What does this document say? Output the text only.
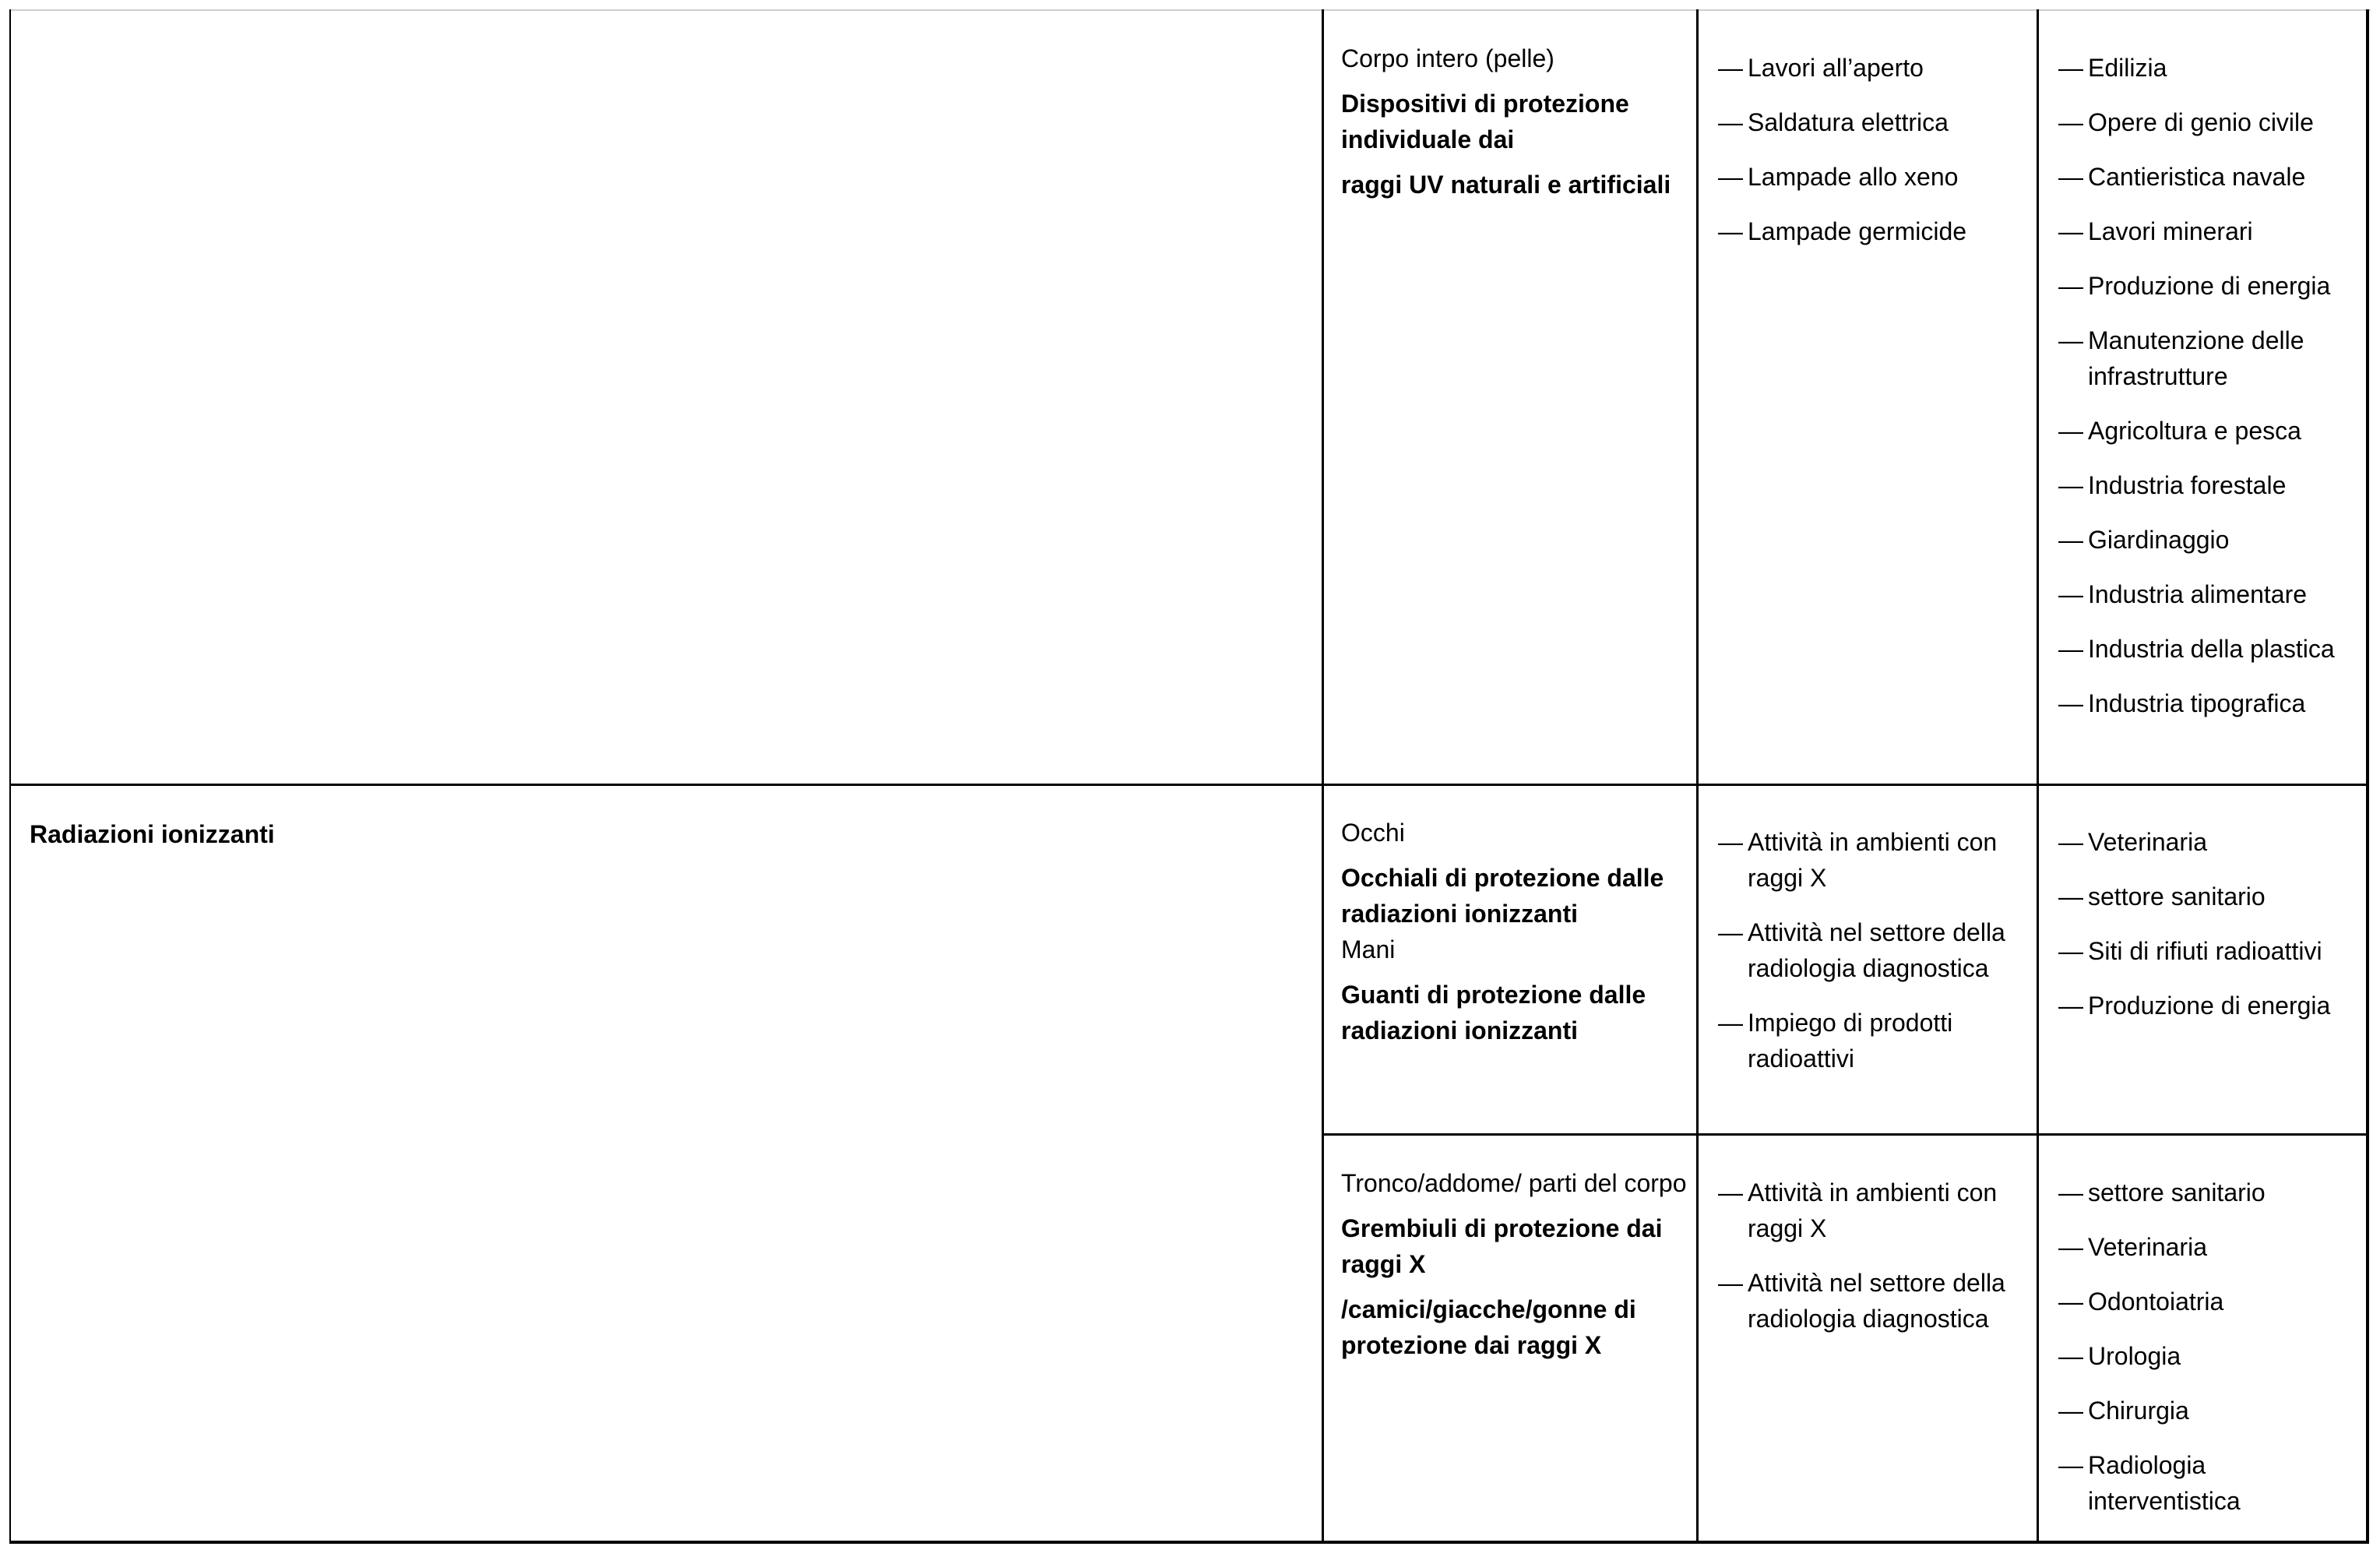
Corpo intero (pelle)

Dispositivi di protezione individuale dai

raggi UV naturali e artificiali

— Lavori all’aperto
— Saldatura elettrica
— Lampade allo xeno
— Lampade germicide
— Edilizia
— Opere di genio civile
— Cantieristica navale
— Lavori minerari
— Produzione di energia
— Manutenzione delle infrastrutture
— Agricoltura e pesca
— Industria forestale
— Giardinaggio
— Industria alimentare
— Industria della plastica
— Industria tipografica
Radiazioni ionizzanti	Occhi

Occhiali di protezione dalle radiazioni ionizzanti

Mani

Guanti di protezione dalle radiazioni ionizzanti

— Attività in ambienti con raggi X
— Attività nel settore della radiologia diagnostica
— Impiego di prodotti radioattivi
— Veterinaria
— settore sanitario
— Siti di rifiuti radioattivi
— Produzione di energia

Tronco/addome/ parti del corpo

Grembiuli di protezione dai raggi X

/camici/giacche/gonne di protezione dai raggi X

— Attività in ambienti con raggi X
— Attività nel settore della radiologia diagnostica
— settore sanitario
— Veterinaria
— Odontoiatria
— Urologia
— Chirurgia
— Radiologia interventistica
